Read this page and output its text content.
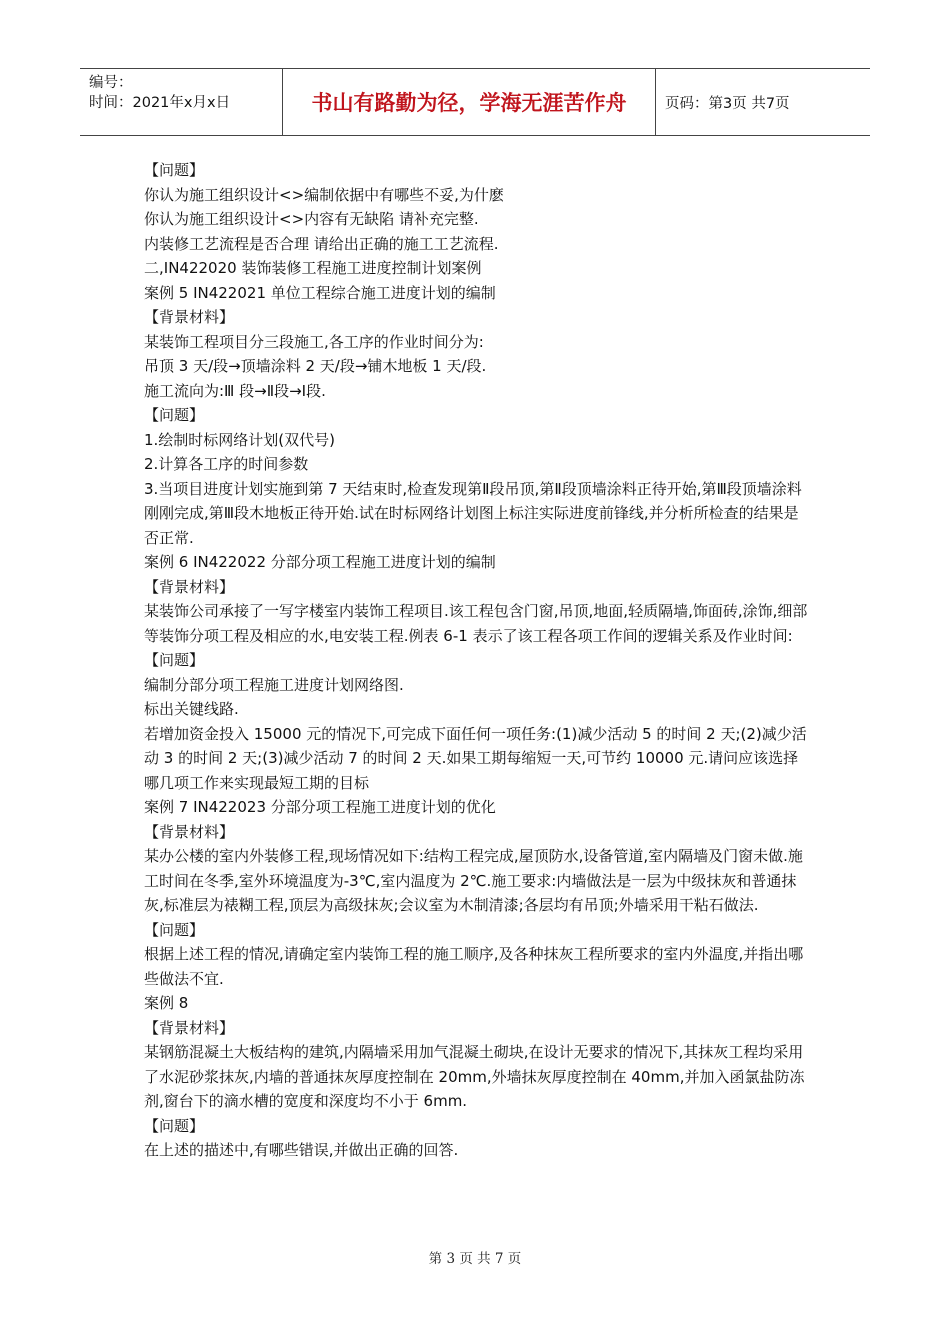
编号：
时间：2021年x月x日	书山有路勤为径，学海无涯苦作舟	页码：第3页 共7页

【问题】

你认为施工组织设计<>编制依据中有哪些不妥,为什麽

你认为施工组织设计<>内容有无缺陷 请补充完整.

内装修工艺流程是否合理 请给出正确的施工工艺流程.

二,IN422020 装饰装修工程施工进度控制计划案例

案例 5 IN422021 单位工程综合施工进度计划的编制

【背景材料】

某装饰工程项目分三段施工,各工序的作业时间分为:

吊顶 3 天/段→顶墙涂料 2 天/段→铺木地板 1 天/段.

施工流向为:Ⅲ 段→Ⅱ段→Ⅰ段.

【问题】

1.绘制时标网络计划(双代号)

2.计算各工序的时间参数

3.当项目进度计划实施到第 7 天结束时,检查发现第Ⅱ段吊顶,第Ⅱ段顶墙涂料正待开始,第Ⅲ段顶墙涂料刚刚完成,第Ⅲ段木地板正待开始.试在时标网络计划图上标注实际进度前锋线,并分析所检查的结果是否正常.

案例 6 IN422022 分部分项工程施工进度计划的编制

【背景材料】

某装饰公司承接了一写字楼室内装饰工程项目.该工程包含门窗,吊顶,地面,轻质隔墙,饰面砖,涂饰,细部等装饰分项工程及相应的水,电安装工程.例表 6-1 表示了该工程各项工作间的逻辑关系及作业时间:

【问题】

编制分部分项工程施工进度计划网络图.

标出关键线路.

若增加资金投入 15000 元的情况下,可完成下面任何一项任务:(1)减少活动 5 的时间 2 天;(2)减少活动 3 的时间 2 天;(3)减少活动 7 的时间 2 天.如果工期每缩短一天,可节约 10000 元.请问应该选择哪几项工作来实现最短工期的目标

案例 7 IN422023 分部分项工程施工进度计划的优化

【背景材料】

某办公楼的室内外装修工程,现场情况如下:结构工程完成,屋顶防水,设备管道,室内隔墙及门窗未做.施工时间在冬季,室外环境温度为-3℃,室内温度为 2℃.施工要求:内墙做法是一层为中级抹灰和普通抹灰,标准层为裱糊工程,顶层为高级抹灰;会议室为木制清漆;各层均有吊顶;外墙采用干粘石做法.

【问题】

根据上述工程的情况,请确定室内装饰工程的施工顺序,及各种抹灰工程所要求的室内外温度,并指出哪些做法不宜.

案例 8

【背景材料】

某钢筋混凝土大板结构的建筑,内隔墙采用加气混凝土砌块,在设计无要求的情况下,其抹灰工程均采用了水泥砂浆抹灰,内墙的普通抹灰厚度控制在 20mm,外墙抹灰厚度控制在 40mm,并加入函氯盐防冻剂,窗台下的滴水槽的宽度和深度均不小于 6mm.

【问题】

在上述的描述中,有哪些错误,并做出正确的回答.

第 3 页 共 7 页
